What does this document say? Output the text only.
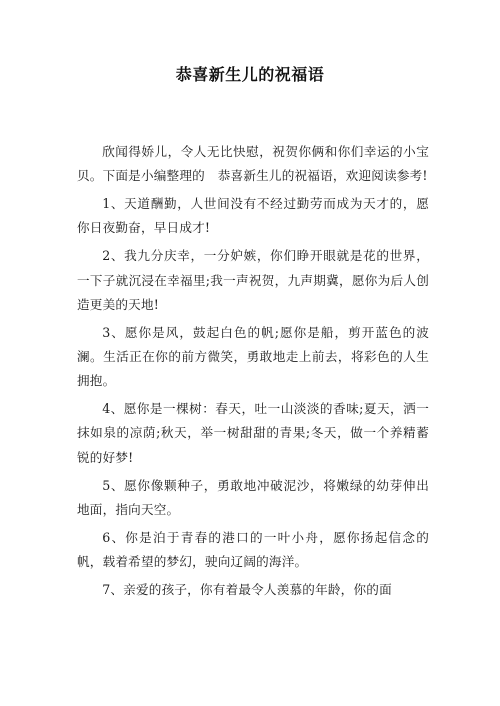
恭喜新生儿的祝福语

欣闻得娇儿，令人无比快慰，祝贺你俩和你们幸运的小宝贝。下面是小编整理的　恭喜新生儿的祝福语，欢迎阅读参考!

1、天道酬勤，人世间没有不经过勤劳而成为天才的，愿你日夜勤奋，早日成才!

2、我九分庆幸，一分妒嫉，你们睁开眼就是花的世界，一下子就沉浸在幸福里;我一声祝贺，九声期冀，愿你为后人创造更美的天地!

3、愿你是风，鼓起白色的帆;愿你是船，剪开蓝色的波澜。生活正在你的前方微笑，勇敢地走上前去，将彩色的人生拥抱。

4、愿你是一棵树：春天，吐一山淡淡的香味;夏天，洒一抹如泉的凉荫;秋天，举一树甜甜的青果;冬天，做一个养精蓄锐的好梦!

5、愿你像颗种子，勇敢地冲破泥沙，将嫩绿的幼芽伸出地面，指向天空。

6、你是泊于青春的港口的一叶小舟，愿你扬起信念的帆，载着希望的梦幻，驶向辽阔的海洋。

7、亲爱的孩子，你有着最令人羡慕的年龄，你的面
